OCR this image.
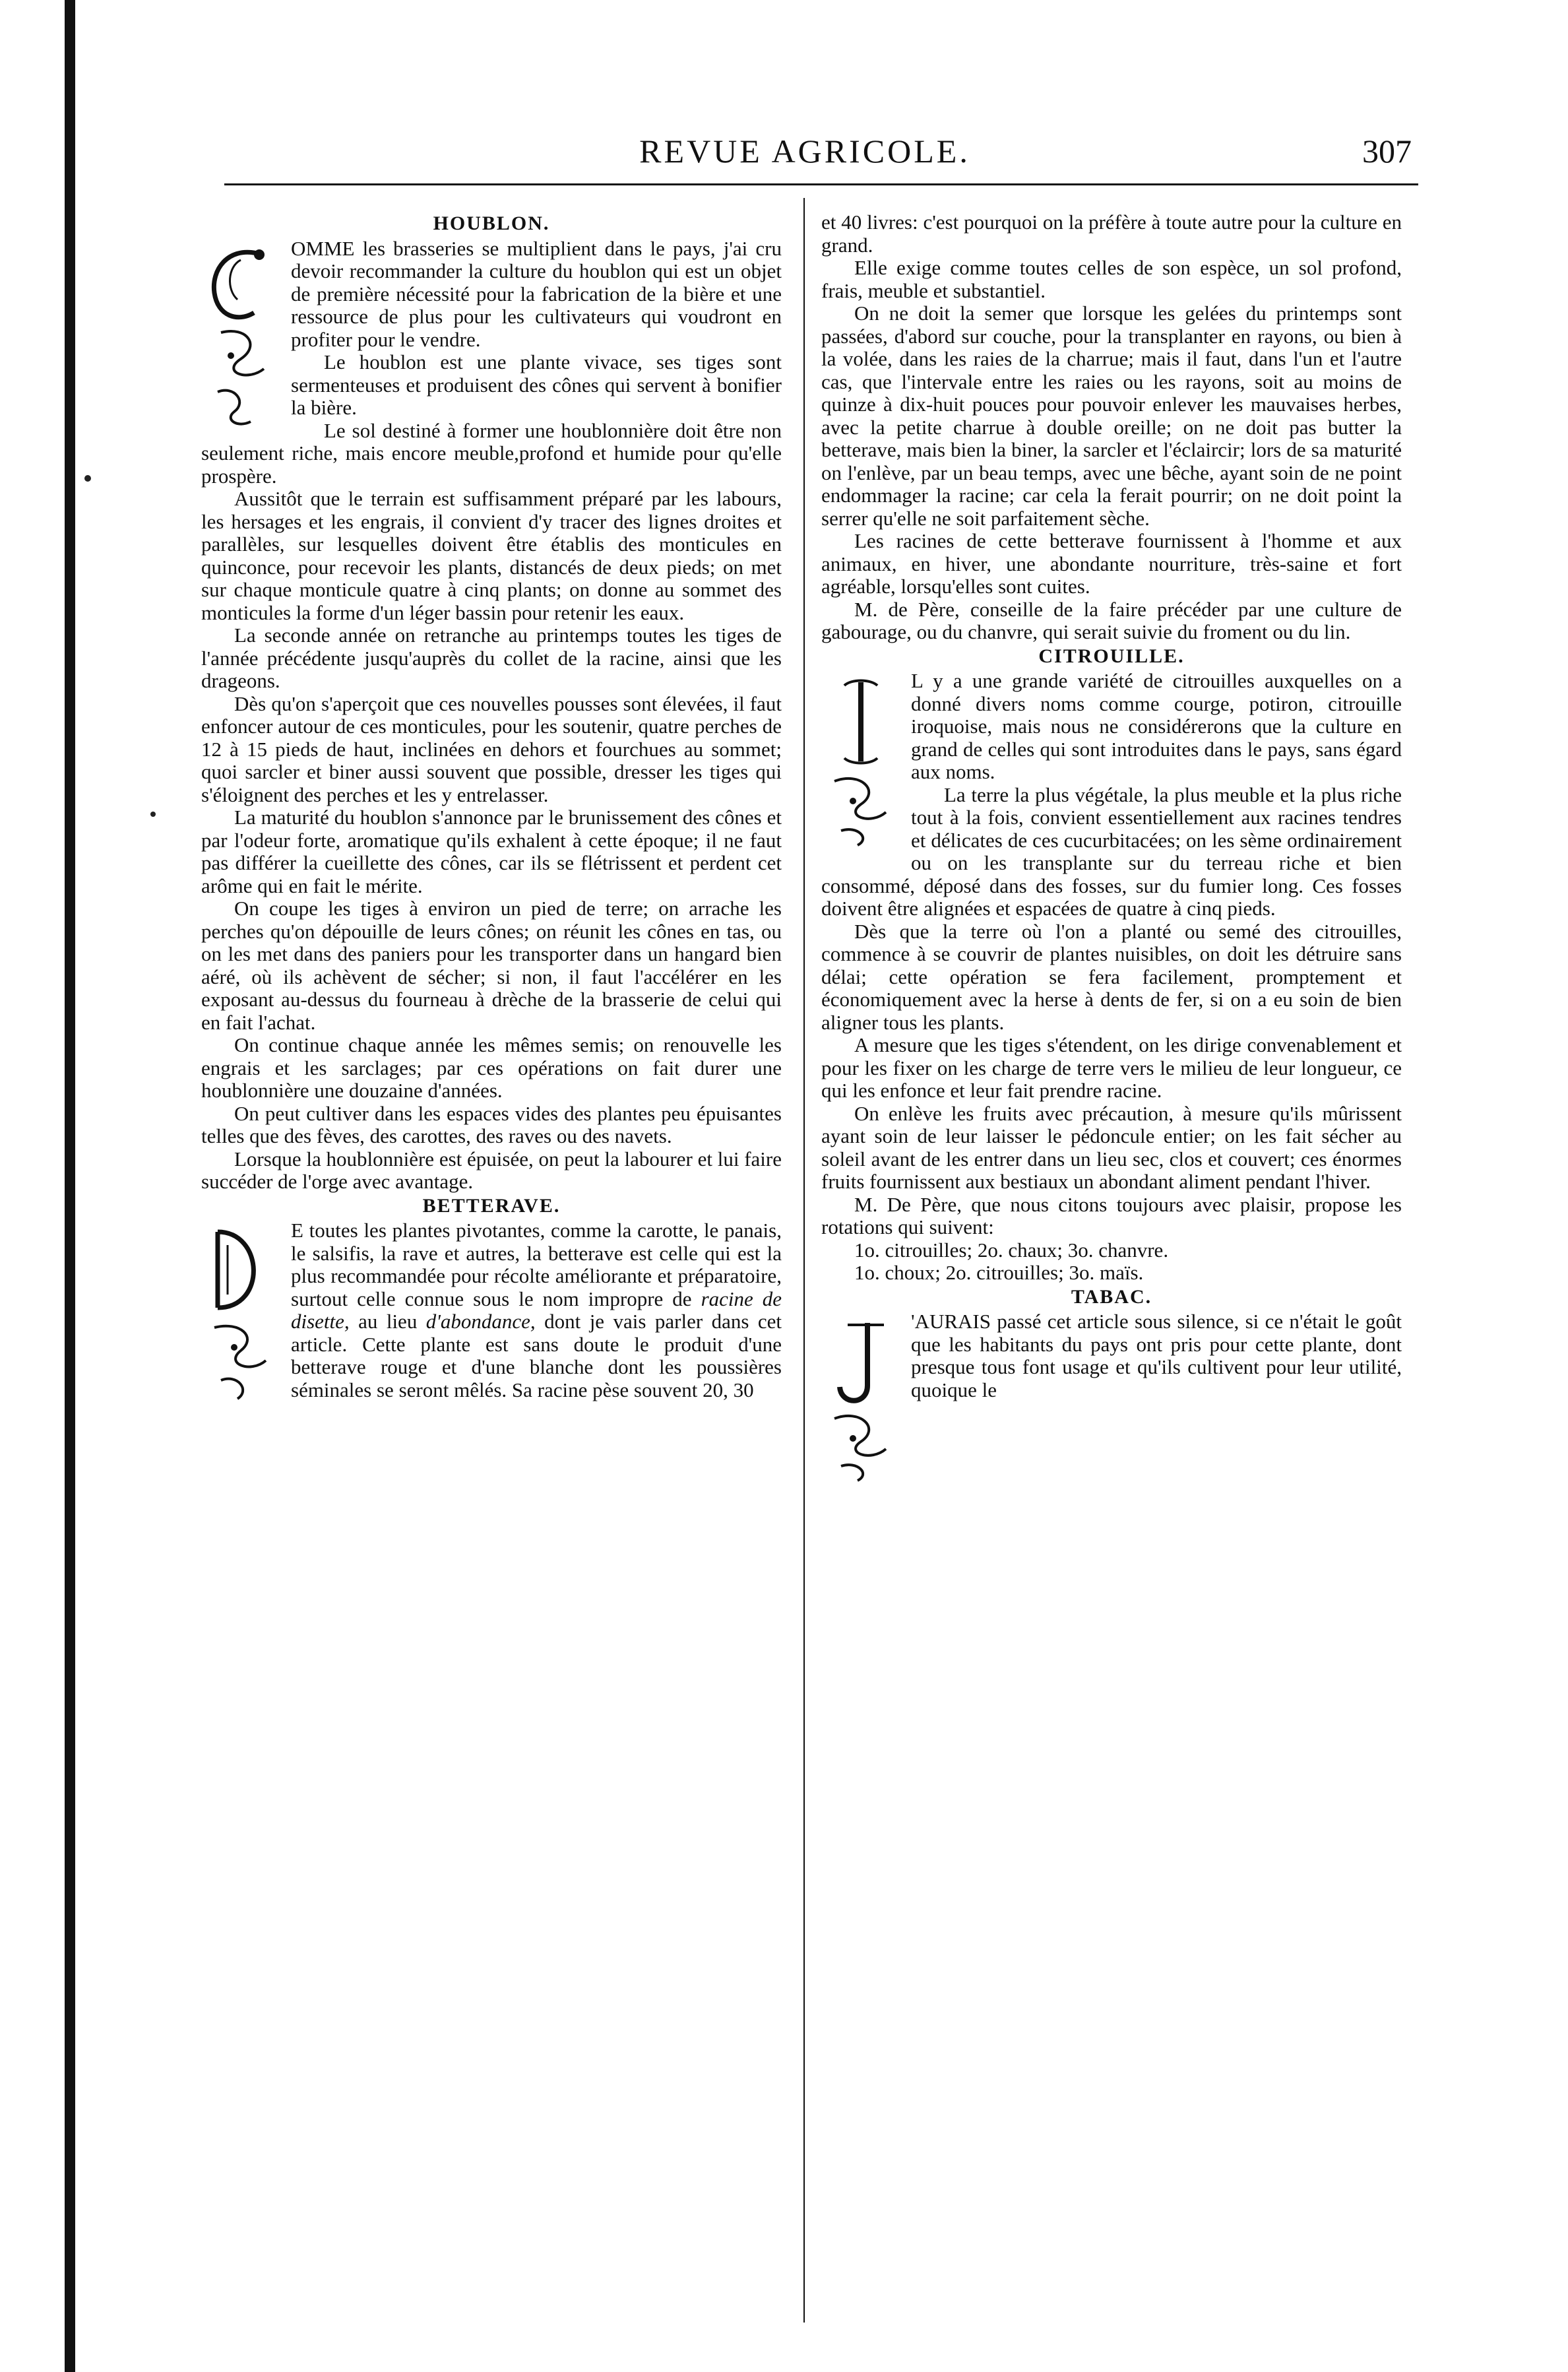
REVUE AGRICOLE.	307
HOUBLON.

OMME les brasseries se multiplient dans le pays, j'ai cru devoir recommander la culture du houblon qui est un objet de première nécessité pour la fabrication de la bière et une ressource de plus pour les cultivateurs qui voudront en profiter pour le vendre.

Le houblon est une plante vivace, ses tiges sont sermenteuses et produisent des cônes qui servent à bonifier la bière.

Le sol destiné à former une houblonnière doit être non seulement riche, mais encore meuble,profond et humide pour qu'elle prospère.

Aussitôt que le terrain est suffisamment préparé par les labours, les hersages et les engrais, il convient d'y tracer des lignes droites et parallèles, sur lesquelles doivent être établis des monticules en quinconce, pour recevoir les plants, distancés de deux pieds; on met sur chaque monticule quatre à cinq plants; on donne au sommet des monticules la forme d'un léger bassin pour retenir les eaux.

La seconde année on retranche au printemps toutes les tiges de l'année précédente jusqu'auprès du collet de la racine, ainsi que les drageons.

Dès qu'on s'aperçoit que ces nouvelles pousses sont élevées, il faut enfoncer autour de ces monticules, pour les soutenir, quatre perches de 12 à 15 pieds de haut, inclinées en dehors et fourchues au sommet; quoi sarcler et biner aussi souvent que possible, dresser les tiges qui s'éloignent des perches et les y entrelasser.

La maturité du houblon s'annonce par le brunissement des cônes et par l'odeur forte, aromatique qu'ils exhalent à cette époque; il ne faut pas différer la cueillette des cônes, car ils se flétrissent et perdent cet arôme qui en fait le mérite.

On coupe les tiges à environ un pied de terre; on arrache les perches qu'on dépouille de leurs cônes; on réunit les cônes en tas, ou on les met dans des paniers pour les transporter dans un hangard bien aéré, où ils achèvent de sécher; si non, il faut l'accélérer en les exposant au-dessus du fourneau à drèche de la brasserie de celui qui en fait l'achat.

On continue chaque année les mêmes semis; on renouvelle les engrais et les sarclages; par ces opérations on fait durer une houblonnière une douzaine d'années.

On peut cultiver dans les espaces vides des plantes peu épuisantes telles que des fèves, des carottes, des raves ou des navets.

Lorsque la houblonnière est épuisée, on peut la labourer et lui faire succéder de l'orge avec avantage.

BETTERAVE.

E toutes les plantes pivotantes, comme la carotte, le panais, le salsifis, la rave et autres, la betterave est celle qui est la plus recommandée pour récolte améliorante et préparatoire, surtout celle connue sous le nom impropre de racine de disette, au lieu d'abondance, dont je vais parler dans cet article. Cette plante est sans doute le produit d'une betterave rouge et d'une blanche dont les poussières séminales se seront mêlés. Sa racine pèse souvent 20, 30

et 40 livres: c'est pourquoi on la préfère à toute autre pour la culture en grand.

Elle exige comme toutes celles de son espèce, un sol profond, frais, meuble et substantiel.

On ne doit la semer que lorsque les gelées du printemps sont passées, d'abord sur couche, pour la transplanter en rayons, ou bien à la volée, dans les raies de la charrue; mais il faut, dans l'un et l'autre cas, que l'intervale entre les raies ou les rayons, soit au moins de quinze à dix-huit pouces pour pouvoir enlever les mauvaises herbes, avec la petite charrue à double oreille; on ne doit pas butter la betterave, mais bien la biner, la sarcler et l'éclaircir; lors de sa maturité on l'enlève, par un beau temps, avec une bêche, ayant soin de ne point endommager la racine; car cela la ferait pourrir; on ne doit point la serrer qu'elle ne soit parfaitement sèche.

Les racines de cette betterave fournissent à l'homme et aux animaux, en hiver, une abondante nourriture, très-saine et fort agréable, lorsqu'elles sont cuites.

M. de Père, conseille de la faire précéder par une culture de gabourage, ou du chanvre, qui serait suivie du froment ou du lin.

CITROUILLE.

L y a une grande variété de citrouilles auxquelles on a donné divers noms comme courge, potiron, citrouille iroquoise, mais nous ne considérerons que la culture en grand de celles qui sont introduites dans le pays, sans égard aux noms.

La terre la plus végétale, la plus meuble et la plus riche tout à la fois, convient essentiellement aux racines tendres et délicates de ces cucurbitacées; on les sème ordinairement ou on les transplante sur du terreau riche et bien consommé, déposé dans des fosses, sur du fumier long. Ces fosses doivent être alignées et espacées de quatre à cinq pieds.

Dès que la terre où l'on a planté ou semé des citrouilles, commence à se couvrir de plantes nuisibles, on doit les détruire sans délai; cette opération se fera facilement, promptement et économiquement avec la herse à dents de fer, si on a eu soin de bien aligner tous les plants.

A mesure que les tiges s'étendent, on les dirige convenablement et pour les fixer on les charge de terre vers le milieu de leur longueur, ce qui les enfonce et leur fait prendre racine.

On enlève les fruits avec précaution, à mesure qu'ils mûrissent ayant soin de leur laisser le pédoncule entier; on les fait sécher au soleil avant de les entrer dans un lieu sec, clos et couvert; ces énormes fruits fournissent aux bestiaux un abondant aliment pendant l'hiver.

M. De Père, que nous citons toujours avec plaisir, propose les rotations qui suivent:

1o. citrouilles; 2o. chaux; 3o. chanvre.

1o. choux; 2o. citrouilles; 3o. maïs.

TABAC.

'AURAIS passé cet article sous silence, si ce n'était le goût que les habitants du pays ont pris pour cette plante, dont presque tous font usage et qu'ils cultivent pour leur utilité, quoique le
